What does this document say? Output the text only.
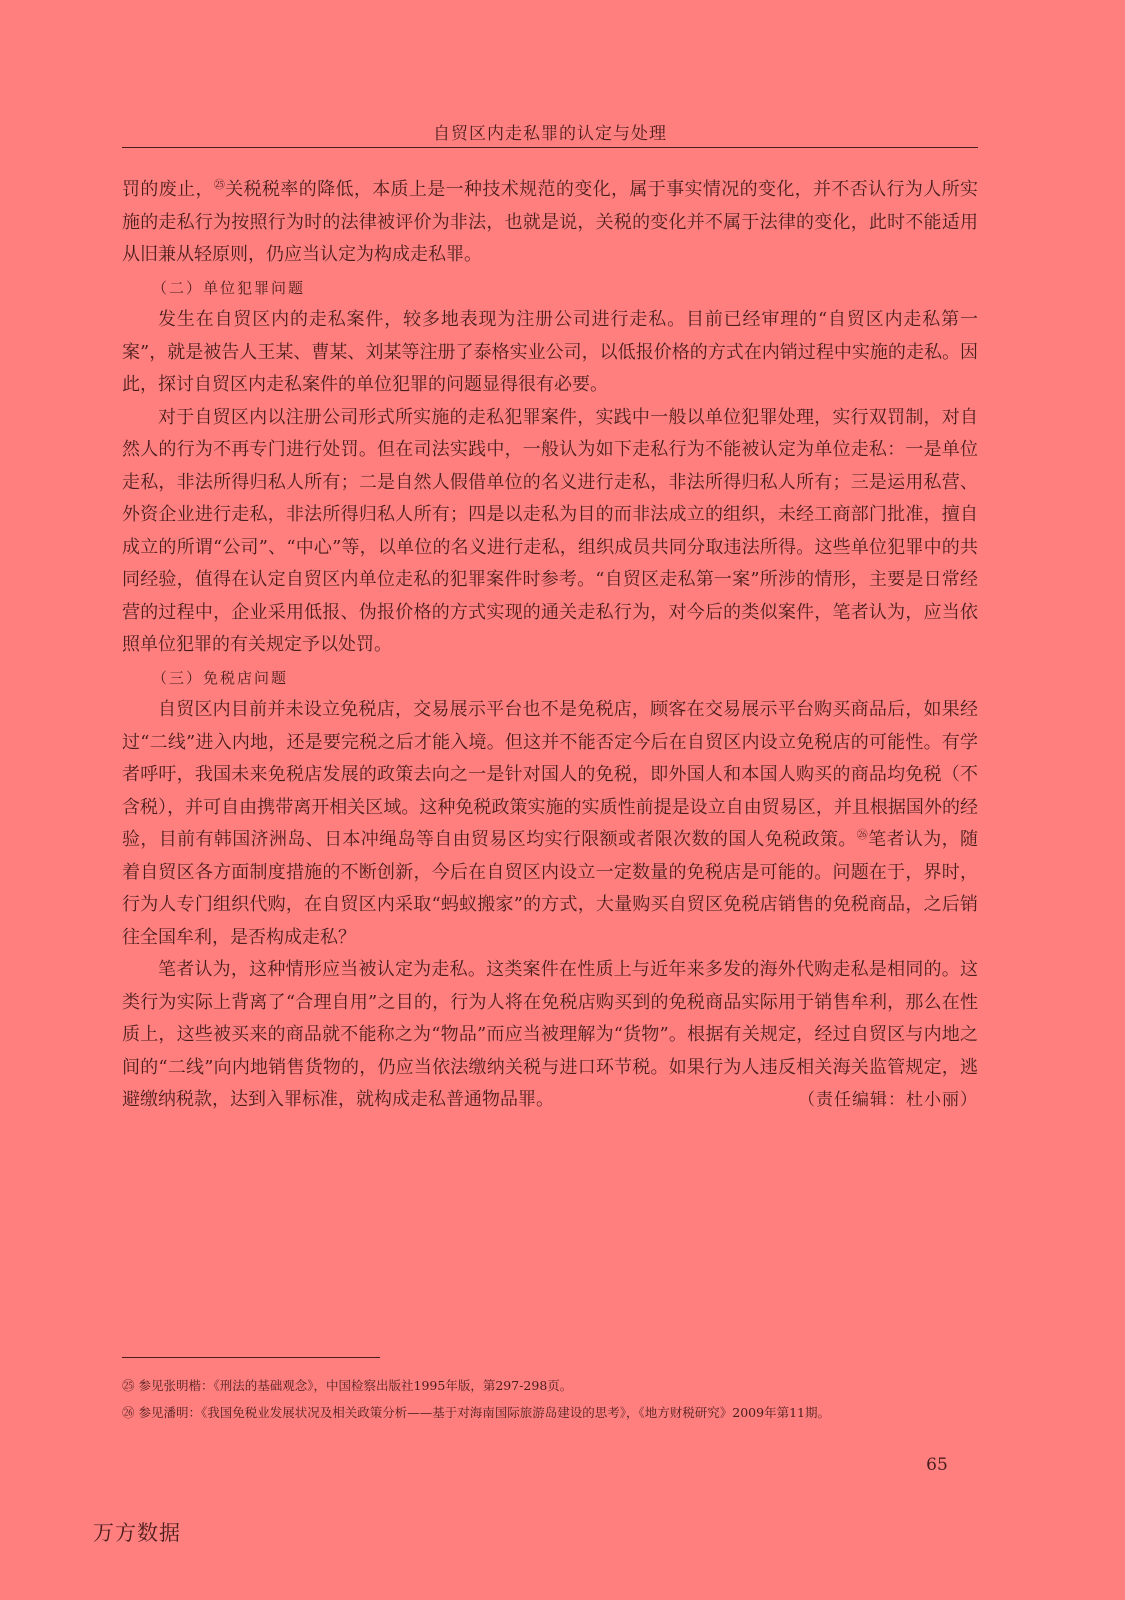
自贸区内走私罪的认定与处理

罚的废止，$^㉕$关税税率的降低，本质上是一种技术规范的变化，属于事实情况的变化，并不否认行为人所实施的走私行为按照行为时的法律被评价为非法，也就是说，关税的变化并不属于法律的变化，此时不能适用从旧兼从轻原则，仍应当认定为构成走私罪。

（二）单位犯罪问题

发生在自贸区内的走私案件，较多地表现为注册公司进行走私。目前已经审理的“自贸区内走私第一案”，就是被告人王某、曹某、刘某等注册了泰格实业公司，以低报价格的方式在内销过程中实施的走私。因此，探讨自贸区内走私案件的单位犯罪的问题显得很有必要。

对于自贸区内以注册公司形式所实施的走私犯罪案件，实践中一般以单位犯罪处理，实行双罚制，对自然人的行为不再专门进行处罚。但在司法实践中，一般认为如下走私行为不能被认定为单位走私：一是单位走私，非法所得归私人所有；二是自然人假借单位的名义进行走私，非法所得归私人所有；三是运用私营、外资企业进行走私，非法所得归私人所有；四是以走私为目的而非法成立的组织，未经工商部门批准，擅自成立的所谓“公司”、“中心”等，以单位的名义进行走私，组织成员共同分取违法所得。这些单位犯罪中的共同经验，值得在认定自贸区内单位走私的犯罪案件时参考。“自贸区走私第一案”所涉的情形，主要是日常经营的过程中，企业采用低报、伪报价格的方式实现的通关走私行为，对今后的类似案件，笔者认为，应当依照单位犯罪的有关规定予以处罚。

（三）免税店问题

自贸区内目前并未设立免税店，交易展示平台也不是免税店，顾客在交易展示平台购买商品后，如果经过“二线”进入内地，还是要完税之后才能入境。但这并不能否定今后在自贸区内设立免税店的可能性。有学者呼吁，我国未来免税店发展的政策去向之一是针对国人的免税，即外国人和本国人购买的商品均免税（不含税），并可自由携带离开相关区域。这种免税政策实施的实质性前提是设立自由贸易区，并且根据国外的经验，目前有韩国济洲岛、日本冲绳岛等自由贸易区均实行限额或者限次数的国人免税政策。$^㉖$笔者认为，随着自贸区各方面制度措施的不断创新，今后在自贸区内设立一定数量的免税店是可能的。问题在于，界时，行为人专门组织代购，在自贸区内采取“蚂蚁搬家”的方式，大量购买自贸区免税店销售的免税商品，之后销往全国牟利，是否构成走私？

笔者认为，这种情形应当被认定为走私。这类案件在性质上与近年来多发的海外代购走私是相同的。这类行为实际上背离了“合理自用”之目的，行为人将在免税店购买到的免税商品实际用于销售牟利，那么在性质上，这些被买来的商品就不能称之为“物品”而应当被理解为“货物”。根据有关规定，经过自贸区与内地之间的“二线”向内地销售货物的，仍应当依法缴纳关税与进口环节税。如果行为人违反相关海关监管规定，逃避缴纳税款，达到入罪标准，就构成走私普通物品罪。	（责任编辑：杜小丽）
㉕ 参见张明楷：《刑法的基础观念》，中国检察出版社1995年版，第297-298页。
㉖ 参见潘明：《我国免税业发展状况及相关政策分析——基于对海南国际旅游岛建设的思考》，《地方财税研究》2009年第11期。
65
万方数据
